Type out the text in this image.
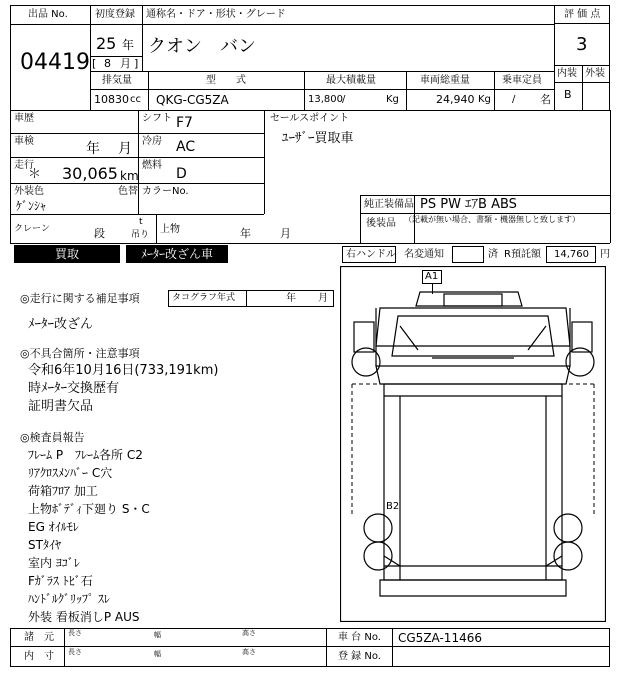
出品 No.
04419
初度登録
25 年
[ 8 月 ]
通称名・ドア・形状・グレード
クオン　バン
評 価 点
3
内装 外装
B
排気量
10830 cc
型　　式
QKG-CG5ZA
最大積載量
13,800 /	Kg
車両総重量
24,940 Kg
乗車定員
/ 名
車歴
車検	年 月
走行
＊ 30,065 km
外装色
ｹﾞﾝｼｬ
色替
シフト F7
冷房 AC
燃料
D
カラーNo.
クレーン	段
t
吊り 上物	年	月
セールスポイント
ﾕｰｻﾞｰ買取車
純正装備品 PS PW ｴｱB ABS
後装品 （記載が無い場合、書類・機器無しと致します）
買取	ﾒｰﾀｰ改ざん車	右ハンドル 名変通知	済 R預託額 14,760 円
◎走行に関する補足事項	タコグラフ年式	年 月
ﾒｰﾀｰ改ざん
◎不具合箇所・注意事項
令和6年10月16日(733,191km)
時ﾒｰﾀｰ交換歴有
証明書欠品
◎検査員報告
ﾌﾚｰﾑ P　ﾌﾚｰﾑ各所 C2
ﾘｱｸﾛｽﾒﾝﾊﾞｰ C穴
荷箱ﾌﾛｱ 加工
上物ﾎﾞﾃﾞｨ下廻り S・C
EG ｵｲﾙﾓﾚ
STﾀｲﾔ
室内 ﾖｺﾞﾚ
Fｶﾞﾗｽ ﾄﾋﾞ石
ﾊﾝﾄﾞﾙｸﾞﾘｯﾌﾟ ｽﾚ
外装 看板消しP AUS
A1
B2
諸　元 長さ	幅	高さ
内　寸 長さ	幅	高さ
車 台 No. CG5ZA-11466
登 録 No.
